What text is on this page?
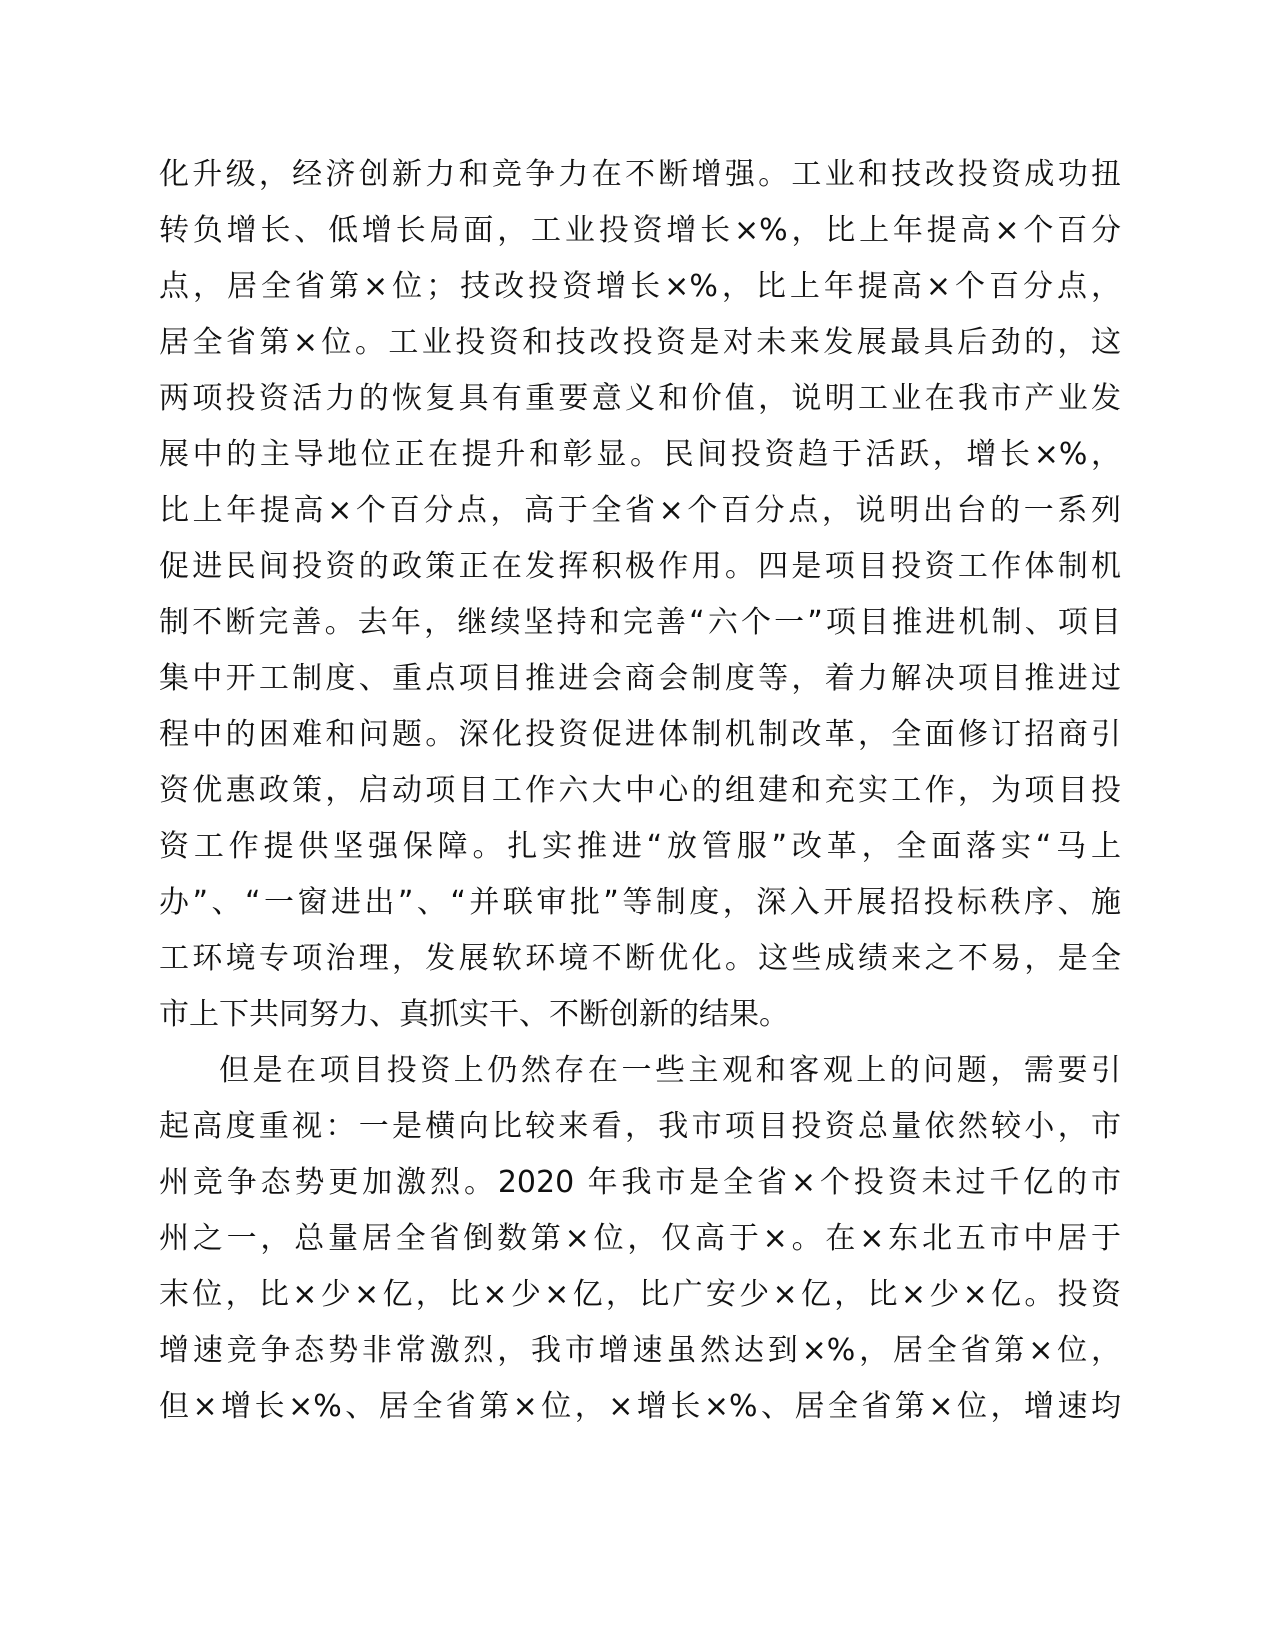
化升级，经济创新力和竞争力在不断增强。工业和技改投资成功扭
转负增长、低增长局面，工业投资增长×%，比上年提高×个百分
点，居全省第×位；技改投资增长×%，比上年提高×个百分点，
居全省第×位。工业投资和技改投资是对未来发展最具后劲的，这
两项投资活力的恢复具有重要意义和价值，说明工业在我市产业发
展中的主导地位正在提升和彰显。民间投资趋于活跃，增长×%，
比上年提高×个百分点，高于全省×个百分点，说明出台的一系列
促进民间投资的政策正在发挥积极作用。四是项目投资工作体制机
制不断完善。去年，继续坚持和完善“六个一”项目推进机制、项目
集中开工制度、重点项目推进会商会制度等，着力解决项目推进过
程中的困难和问题。深化投资促进体制机制改革，全面修订招商引
资优惠政策，启动项目工作六大中心的组建和充实工作，为项目投
资工作提供坚强保障。扎实推进“放管服”改革，全面落实“马上
办”、“一窗进出”、“并联审批”等制度，深入开展招投标秩序、施
工环境专项治理，发展软环境不断优化。这些成绩来之不易，是全
市上下共同努力、真抓实干、不断创新的结果。
但是在项目投资上仍然存在一些主观和客观上的问题，需要引
起高度重视：一是横向比较来看，我市项目投资总量依然较小，市
州竞争态势更加激烈。2020 年我市是全省×个投资未过千亿的市
州之一，总量居全省倒数第×位，仅高于×。在×东北五市中居于
末位，比×少×亿，比×少×亿，比广安少×亿，比×少×亿。投资
增速竞争态势非常激烈，我市增速虽然达到×%，居全省第×位，
但×增长×%、居全省第×位，×增长×%、居全省第×位，增速均
